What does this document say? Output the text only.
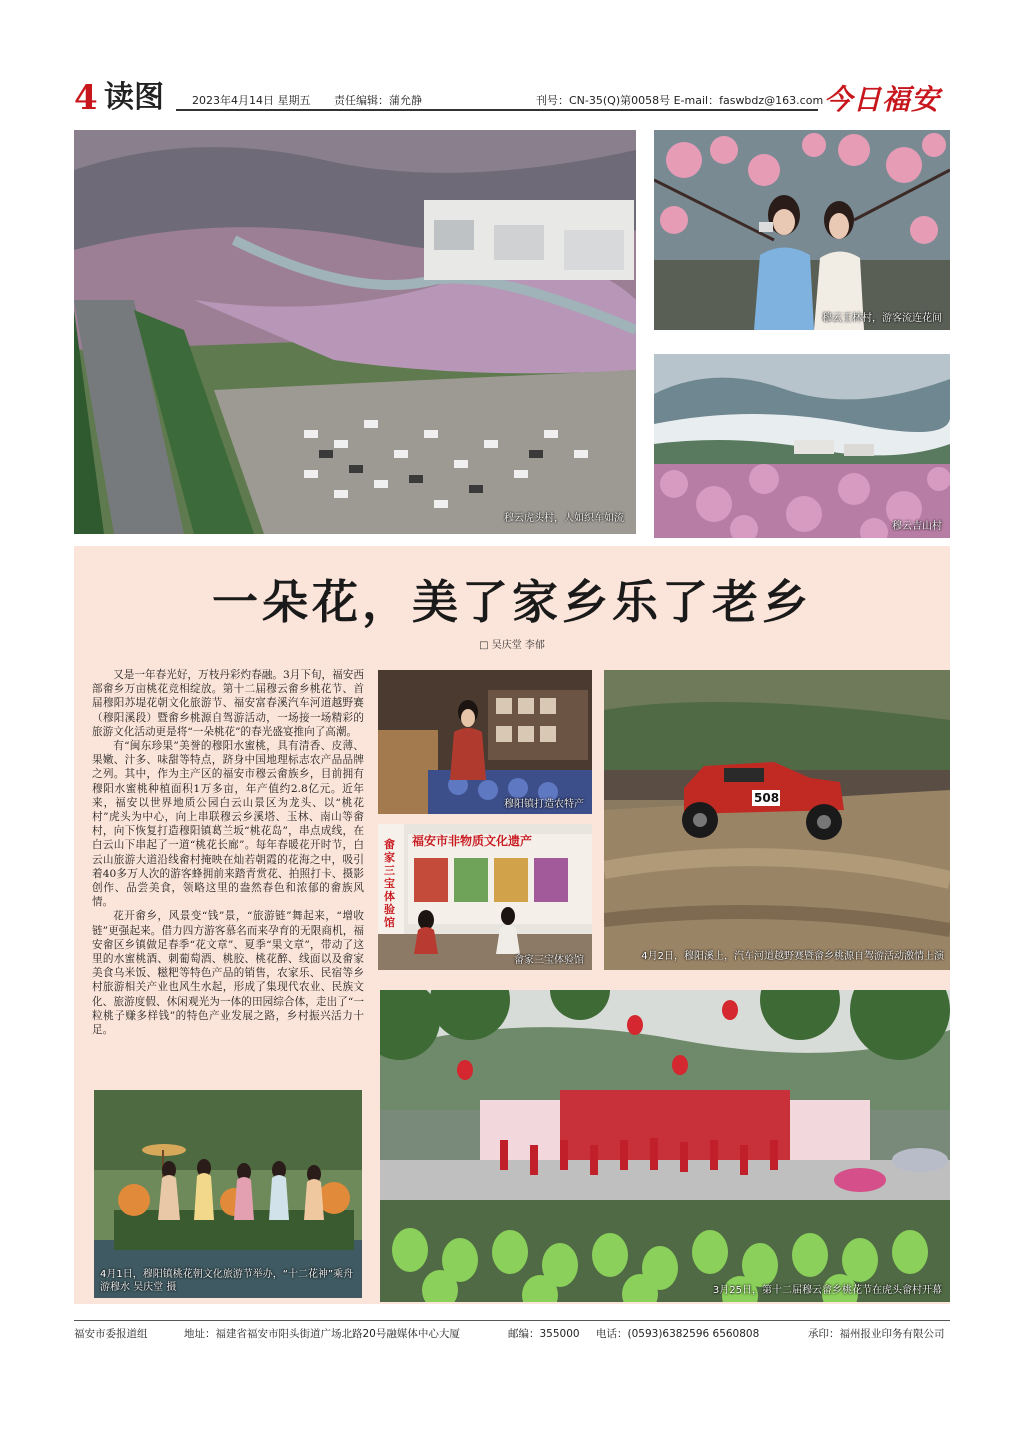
4 读图	2023年4月14日 星期五 责任编辑：蒲允静	刊号：CN-35(Q)第0058号 E-mail：faswbdz@163.com 今日福安
穆云虎头村，人如织车如流
穆云王林村，游客流连花间
穆云吉山村
一朵花，美了家乡乐了老乡
□ 吴庆堂 李郁

又是一年春光好，万枝丹彩灼春融。3月下旬，福安西部畲乡万亩桃花竞相绽放。第十二届穆云畲乡桃花节、首届穆阳苏堤花朝文化旅游节、福安富春溪汽车河道越野赛（穆阳溪段）暨畲乡桃源自驾游活动，一场接一场精彩的旅游文化活动更是将“一朵桃花”的春光盛宴推向了高潮。

有“闽东珍果”美誉的穆阳水蜜桃，具有清香、皮薄、果嫩、汁多、味甜等特点，跻身中国地理标志农产品品牌之列。其中，作为主产区的福安市穆云畲族乡，目前拥有穆阳水蜜桃种植面积1万多亩，年产值约2.8亿元。近年来，福安以世界地质公园白云山景区为龙头、以“桃花村”虎头为中心，向上串联穆云乡溪塔、玉林、南山等畲村，向下恢复打造穆阳镇葛兰坂“桃花岛”，串点成线，在白云山下串起了一道“桃花长廊”。每年春暖花开时节，白云山旅游大道沿线畲村掩映在灿若朝霞的花海之中，吸引着40多万人次的游客蜂拥前来踏青赏花、拍照打卡、摄影创作、品尝美食，领略这里的盎然春色和浓郁的畲族风情。

花开畲乡，风景变“钱”景，“旅游链”舞起来，“增收链”更强起来。借力四方游客慕名而来孕育的无限商机，福安畲区乡镇做足春季“花文章”、夏季“果文章”，带动了这里的水蜜桃酒、刺葡萄酒、桃胶、桃花醉、线面以及畲家美食乌米饭、糍粑等特色产品的销售，农家乐、民宿等乡村旅游相关产业也风生水起，形成了集现代农业、民族文化、旅游度假、休闲观光为一体的田园综合体，走出了“一粒桃子赚多样钱”的特色产业发展之路，乡村振兴活力十足。

穆阳镇打造农特产
福安市非物质文化遗产
畲家三宝体验馆
畲家三宝体验馆
508
4月2日，穆阳溪上，汽车河道越野赛暨畲乡桃源自驾游活动激情上演
4月1日，穆阳镇桃花朝文化旅游节举办，“十二花神”乘舟游穆水 吴庆堂 摄	3月25日，第十二届穆云畲乡桃花节在虎头畲村开幕
福安市委报道组	地址：福建省福安市阳头街道广场北路20号融媒体中心大厦	邮编：355000 电话：(0593)6382596 6560808	承印：福州报业印务有限公司
